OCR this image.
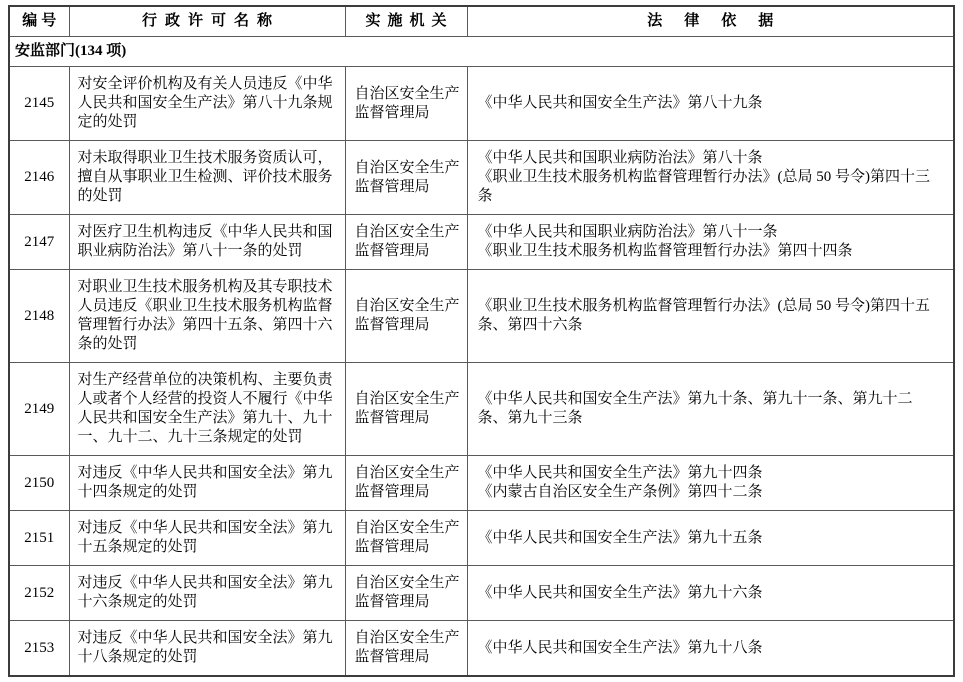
编号	行政许可名称	实施机关	法律依据
安监部门(134 项)			
2145	对安全评价机构及有关人员违反《中华人民共和国安全生产法》第八十九条规定的处罚	自治区安全生产监督管理局	《中华人民共和国安全生产法》第八十九条

2146	对未取得职业卫生技术服务资质认可，擅自从事职业卫生检测、评价技术服务的处罚	自治区安全生产监督管理局	《中华人民共和国职业病防治法》第八十条
《职业卫生技术服务机构监督管理暂行办法》(总局 50 号令)第四十三条

2147	对医疗卫生机构违反《中华人民共和国职业病防治法》第八十一条的处罚	自治区安全生产监督管理局	《中华人民共和国职业病防治法》第八十一条
《职业卫生技术服务机构监督管理暂行办法》第四十四条

2148	对职业卫生技术服务机构及其专职技术人员违反《职业卫生技术服务机构监督管理暂行办法》第四十五条、第四十六条的处罚	自治区安全生产监督管理局	《职业卫生技术服务机构监督管理暂行办法》(总局 50 号令)第四十五条、第四十六条

2149	对生产经营单位的决策机构、主要负责人或者个人经营的投资人不履行《中华人民共和国安全生产法》第九十、九十一、九十二、九十三条规定的处罚	自治区安全生产监督管理局	《中华人民共和国安全生产法》第九十条、第九十一条、第九十二条、第九十三条

2150	对违反《中华人民共和国安全法》第九十四条规定的处罚	自治区安全生产监督管理局	《中华人民共和国安全生产法》第九十四条
《内蒙古自治区安全生产条例》第四十二条

2151	对违反《中华人民共和国安全法》第九十五条规定的处罚	自治区安全生产监督管理局	《中华人民共和国安全生产法》第九十五条

2152	对违反《中华人民共和国安全法》第九十六条规定的处罚	自治区安全生产监督管理局	《中华人民共和国安全生产法》第九十六条

2153	对违反《中华人民共和国安全法》第九十八条规定的处罚	自治区安全生产监督管理局	《中华人民共和国安全生产法》第九十八条
